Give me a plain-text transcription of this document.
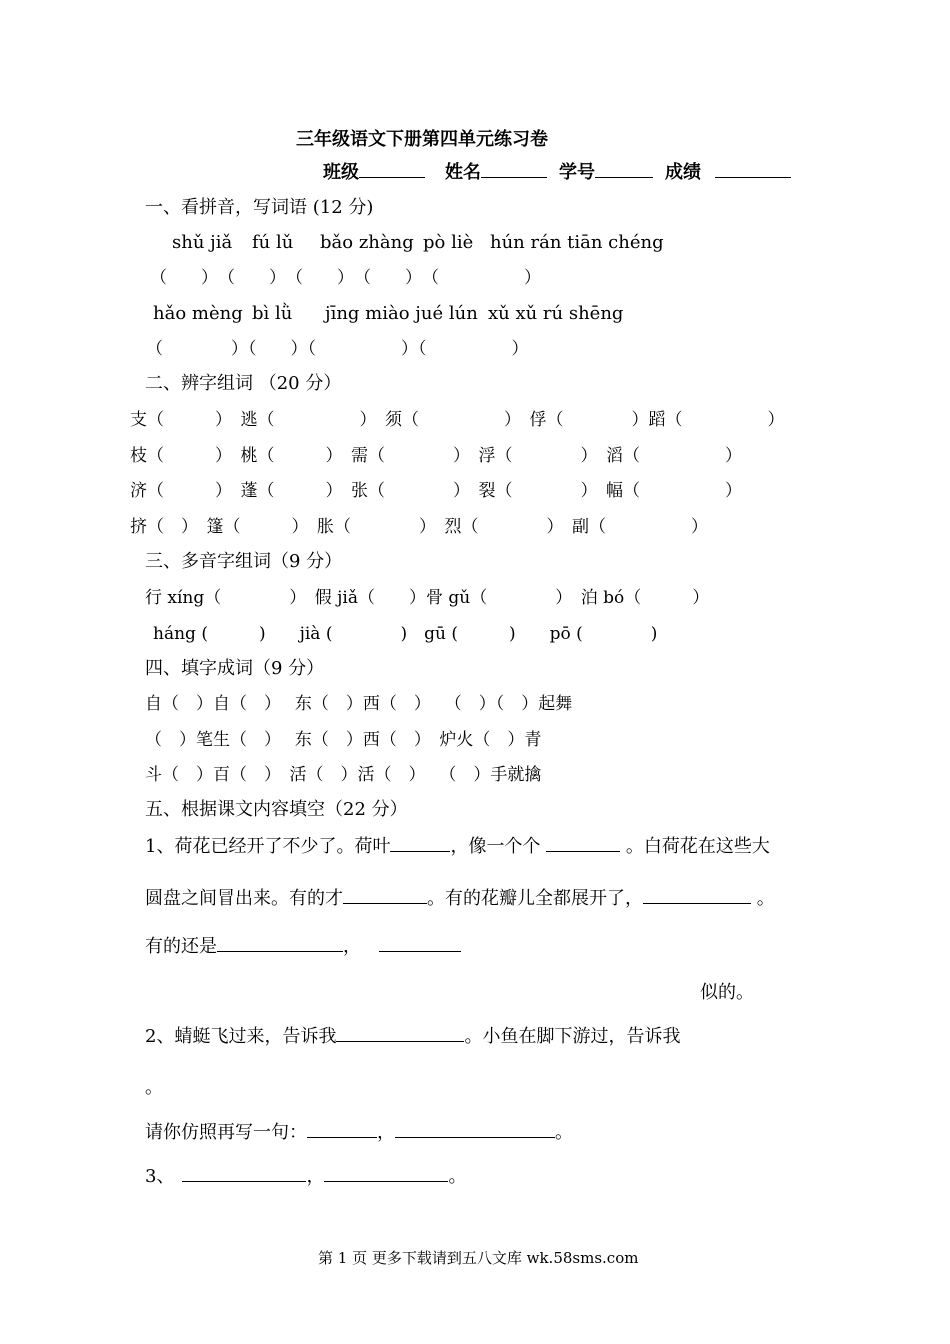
三年级语文下册第四单元练习卷
班级	姓名	学号	成绩
一、看拼音，写词语 (12 分)
shǔ jiǎ fú lǔ bǎo zhàng pò liè hún rán tiān chéng
（　　）　（　　）　（　　）　（　　）　（　　　　　）
hǎo mèng bì lǜ jīng miào jué lún xǔ xǔ rú shēng
（　　　　）（　　）（　　　　　）（　　　　　）
二、辨字组词 （20 分）
支（　　　）　逃（　　　　　）　须（　　　　　）　俘（　　　　）蹈（　　　　　）
枝（　　　）　桃（　　　）　需（　　　　）　浮（　　　　）　滔（　　　　　）
济（　　　）　蓬（　　　）　张（　　　　）　裂（　　　　）　幅（　　　　　）
挤（　）　篷（　　　）　胀（　　　　）　烈（　　　　）　副（　　　　　）
三、多音字组词（9 分）
行 xíng（　　　　）　假 jiǎ（　　）骨 gǔ（　　　　）　泊 bó（　　　）
háng (　　　)　　jià (　　　　)　gū (　　　)　　pō (　　　　)
四、填字成词（9 分）
自（　）自（　）　 东（　）西（　）　 （　）（　）起舞
（　）笔生（　）　 东（　）西（　）　炉火（　）青
斗（　）百（　）　活（　）活（　）　 （　）手就擒
五、根据课文内容填空（22 分）
1、荷花已经开了不少了。荷叶	，像一个个	。白荷花在这些大
圆盘之间冒出来。有的才	。有的花瓣儿全都展开了，	。
有的还是	，
似的。
2、蜻蜓飞过来，告诉我	。小鱼在脚下游过，告诉我
。
请你仿照再写一句：	，	。
3、	，	。
第 1 页 更多下载请到五八文库 wk.58sms.com
